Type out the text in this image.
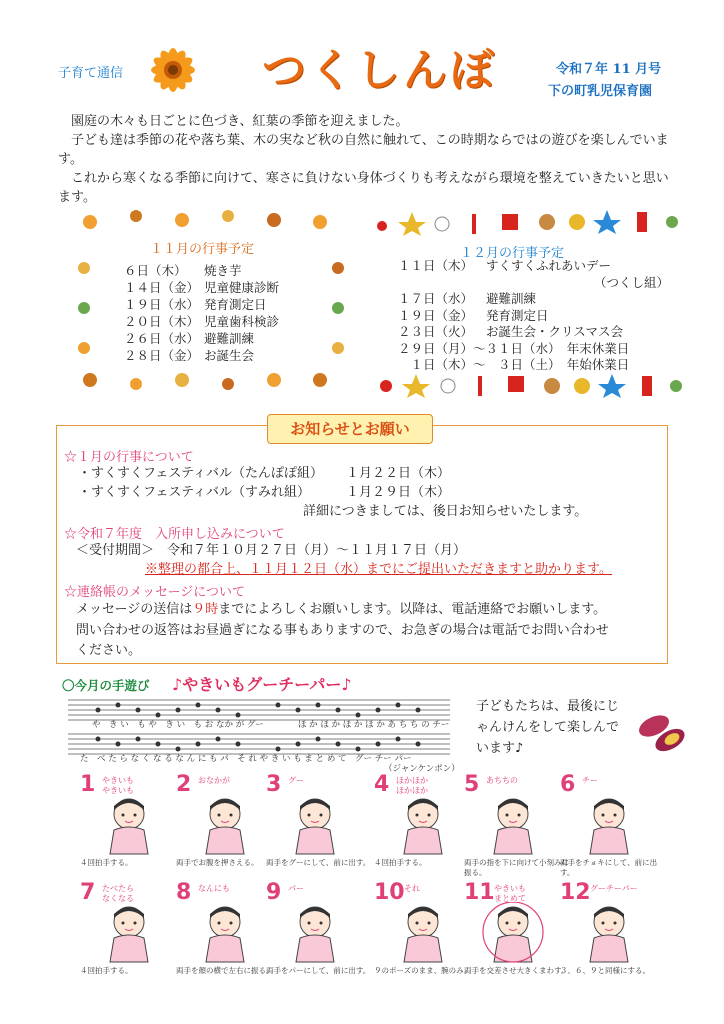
子育て通信	つくしんぼ	令和７年 11 月号
下の町乳児保育園

園庭の木々も日ごとに色づき、紅葉の季節を迎えました。

子ども達は季節の花や落ち葉、木の実など秋の自然に触れて、この時期ならではの遊びを楽しんでいます。

これから寒くなる季節に向けて、寒さに負けない身体づくりも考えながら環境を整えていきたいと思います。

１１月の行事予定
６日（木） 焼き芋
１４日（金） 児童健康診断
１９日（水） 発育測定日
２０日（木） 児童歯科検診
２６日（水） 避難訓練
２８日（金） お誕生会
１２月の行事予定
１１日（木） すくすくふれあいデー
（つくし組）
１７日（水） 避難訓練
１９日（金） 発育測定日
２３日（火） お誕生会・クリスマス会
２９日（月）～３１日（水）　 年末休業日
　１日（木）～　３日（土）　 年始休業日
お知らせとお願い
☆１月の行事について
・すくすくフェスティバル（たんぽぽ組） １月２２日（木）
・すくすくフェスティバル（すみれ組）	１月２９日（木）
詳細につきましては、後日お知らせいたします。
☆令和７年度　入所申し込みについて
＜受付期間＞　令和７年１０月２７日（月）～１１月１７日（月）
※整理の都合上、１１月１２日（水）までにご提出いただきますと助かります。
☆連絡帳のメッセージについて
メッセージの送信は９時までによろしくお願いします。以降は、電話連絡でお願いします。
問い合わせの返答はお昼過ぎになる事もありますので、お急ぎの場合は電話でお問い合わせ
ください。
〇今月の手遊び ♪やきいもグーチーパー♪
や　き い　も や　き い　も お なか が グー　　　　ほ か ほ か ほ か ほ か あ ち ち の チー
た　べ た ら な く な る な ん に も パ　そ れ や き い も ま と め て　グー チー パー
（ジャンケンポン）
子どもたちは、最後にじゃんけんをして楽しんでいます♪
1 やきいも
やきいも
４回拍手する。
2 おなかが
両手でお腹を押さえる。
3 グー
両手をグーにして、前に出す。
4 ほかほか
ほかほか
４回拍手する。
5 あちちの
両手の指を下に向けて小刻みに振る。
6 チー
両手をチョキにして、前に出す。
7 たべたら
なくなる
４回拍手する。
8 なんにも
両手を顔の横で左右に振る。
9 パー
両手をパーにして、前に出す。
10 それ
９のポーズのまま、腕のみ。
11 やきいも
まとめて
両手を交差させ大きくまわす。
12 グーチーパー
３、６、９と同様にする。
